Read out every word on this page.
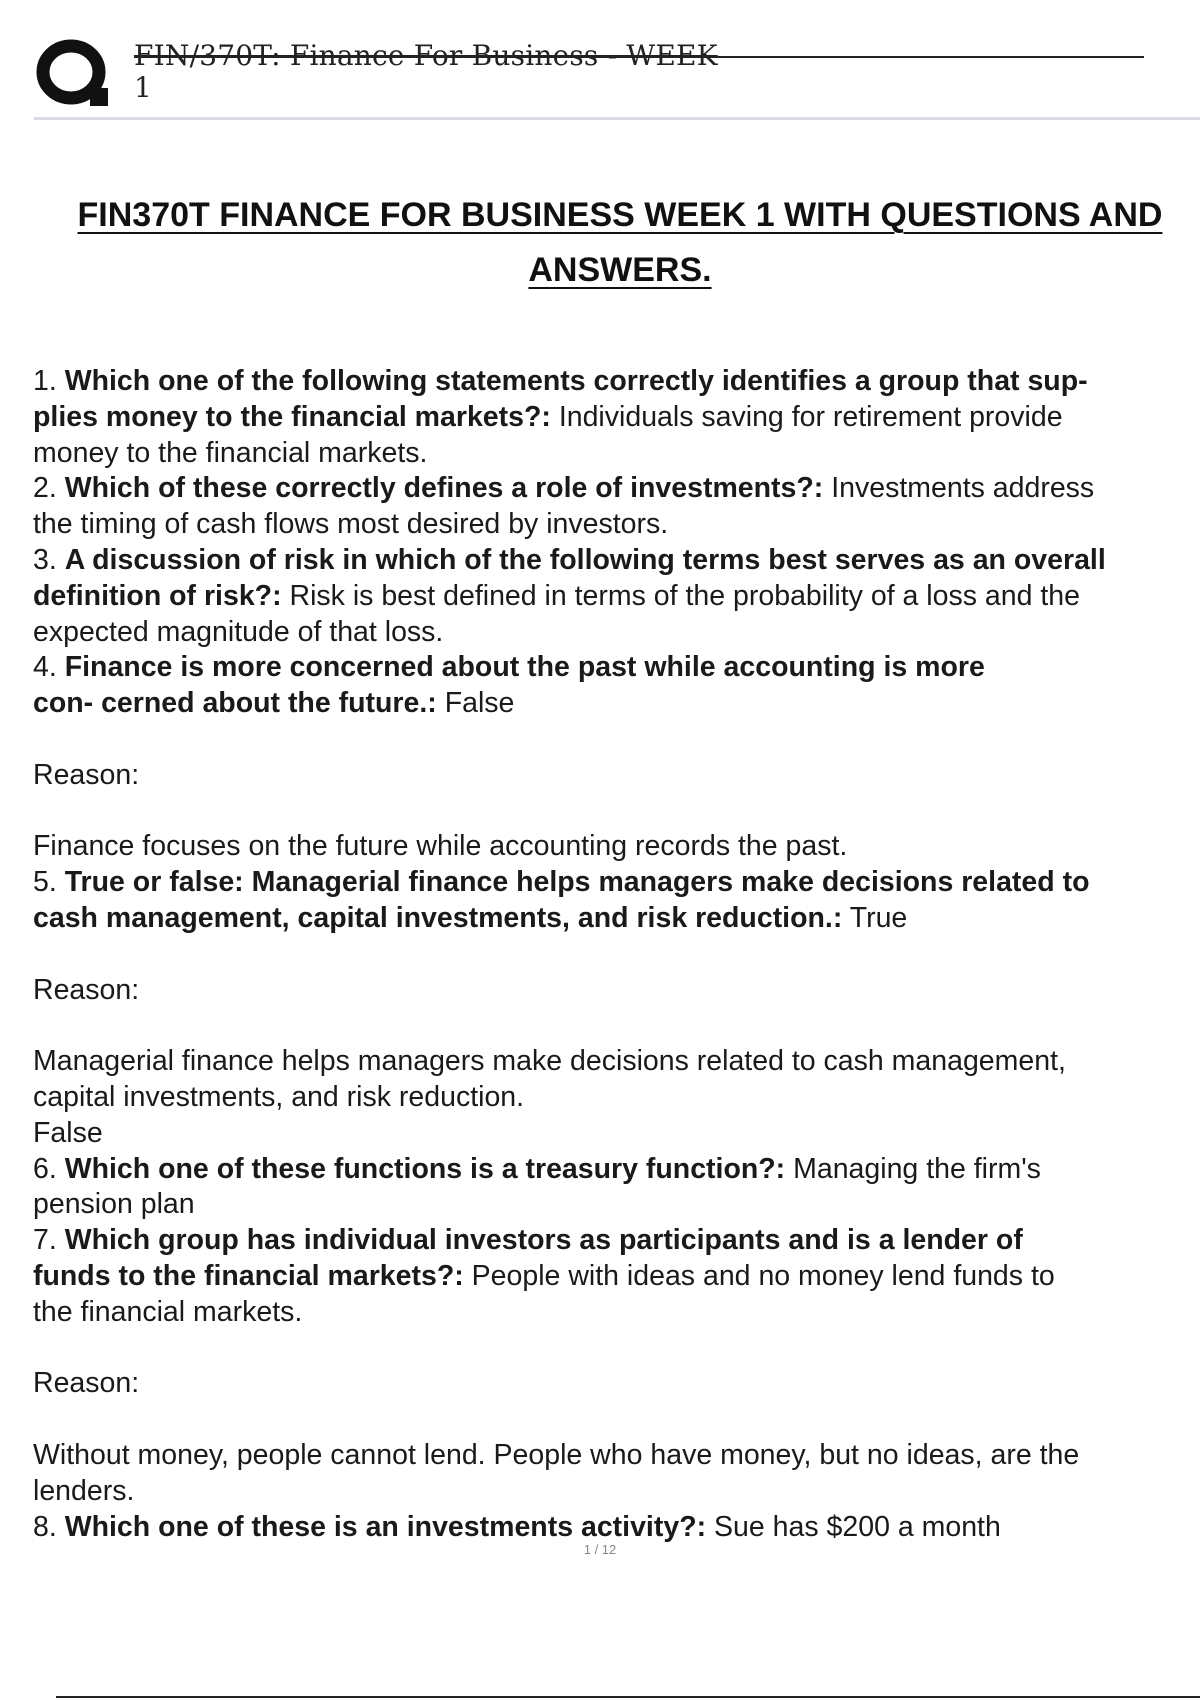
FIN/370T: Finance For Business - WEEK
1
FIN370T FINANCE FOR BUSINESS WEEK 1 WITH QUESTIONS AND
ANSWERS.

1. Which one of the following statements correctly identifies a group that sup-

plies money to the financial markets?: Individuals saving for retirement provide

money to the financial markets.

2. Which of these correctly defines a role of investments?: Investments address

the timing of cash flows most desired by investors.

3. A discussion of risk in which of the following terms best serves as an overall

definition of risk?: Risk is best defined in terms of the probability of a loss and the

expected magnitude of that loss.

4. Finance is more concerned about the past while accounting is more

con- cerned about the future.: False

Reason:

Finance focuses on the future while accounting records the past.

5. True or false: Managerial finance helps managers make decisions related to

cash management, capital investments, and risk reduction.: True

Reason:

Managerial finance helps managers make decisions related to cash management,

capital investments, and risk reduction.

False

6. Which one of these functions is a treasury function?: Managing the firm's

pension plan

7. Which group has individual investors as participants and is a lender of

funds to the financial markets?: People with ideas and no money lend funds to

the financial markets.

Reason:

Without money, people cannot lend. People who have money, but no ideas, are the

lenders.

8. Which one of these is an investments activity?: Sue has $200 a month

1 / 12
